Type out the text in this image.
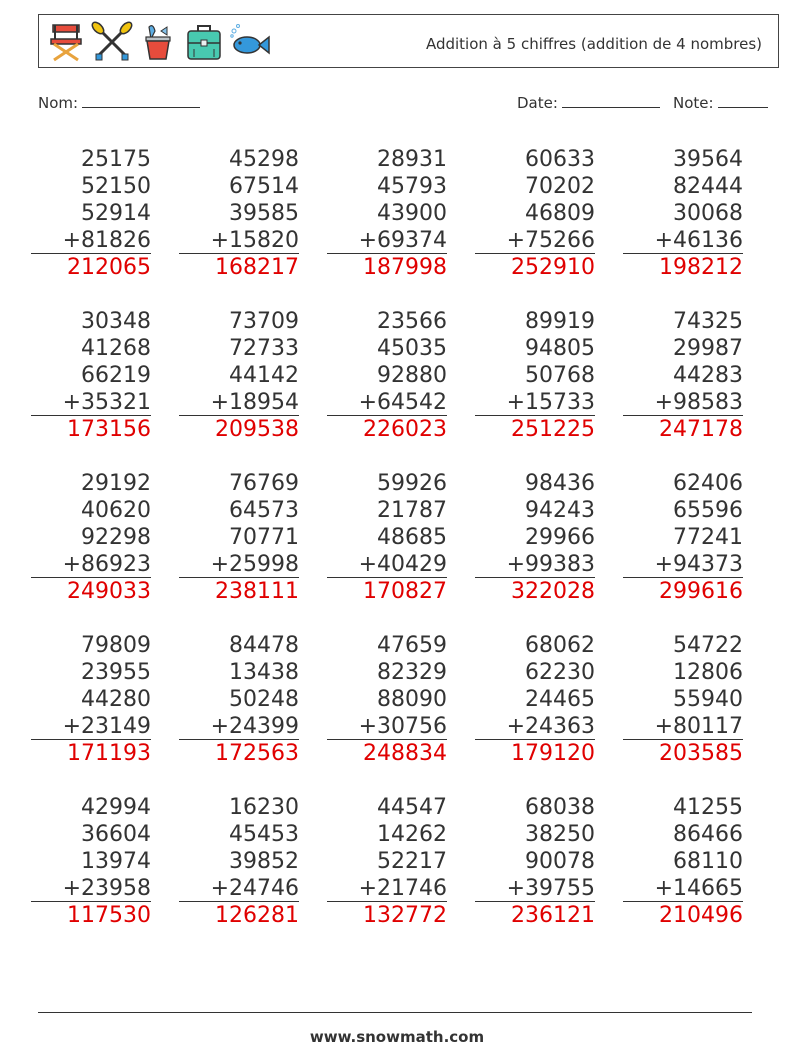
Addition à 5 chiffres (addition de 4 nombres)
Nom:	Date:	Note:
25175
52150
52914
+81826
212065
45298
67514
39585
+15820
168217
28931
45793
43900
+69374
187998
60633
70202
46809
+75266
252910
39564
82444
30068
+46136
198212
30348
41268
66219
+35321
173156
73709
72733
44142
+18954
209538
23566
45035
92880
+64542
226023
89919
94805
50768
+15733
251225
74325
29987
44283
+98583
247178
29192
40620
92298
+86923
249033
76769
64573
70771
+25998
238111
59926
21787
48685
+40429
170827
98436
94243
29966
+99383
322028
62406
65596
77241
+94373
299616
79809
23955
44280
+23149
171193
84478
13438
50248
+24399
172563
47659
82329
88090
+30756
248834
68062
62230
24465
+24363
179120
54722
12806
55940
+80117
203585
42994
36604
13974
+23958
117530
16230
45453
39852
+24746
126281
44547
14262
52217
+21746
132772
68038
38250
90078
+39755
236121
41255
86466
68110
+14665
210496
www.snowmath.com
